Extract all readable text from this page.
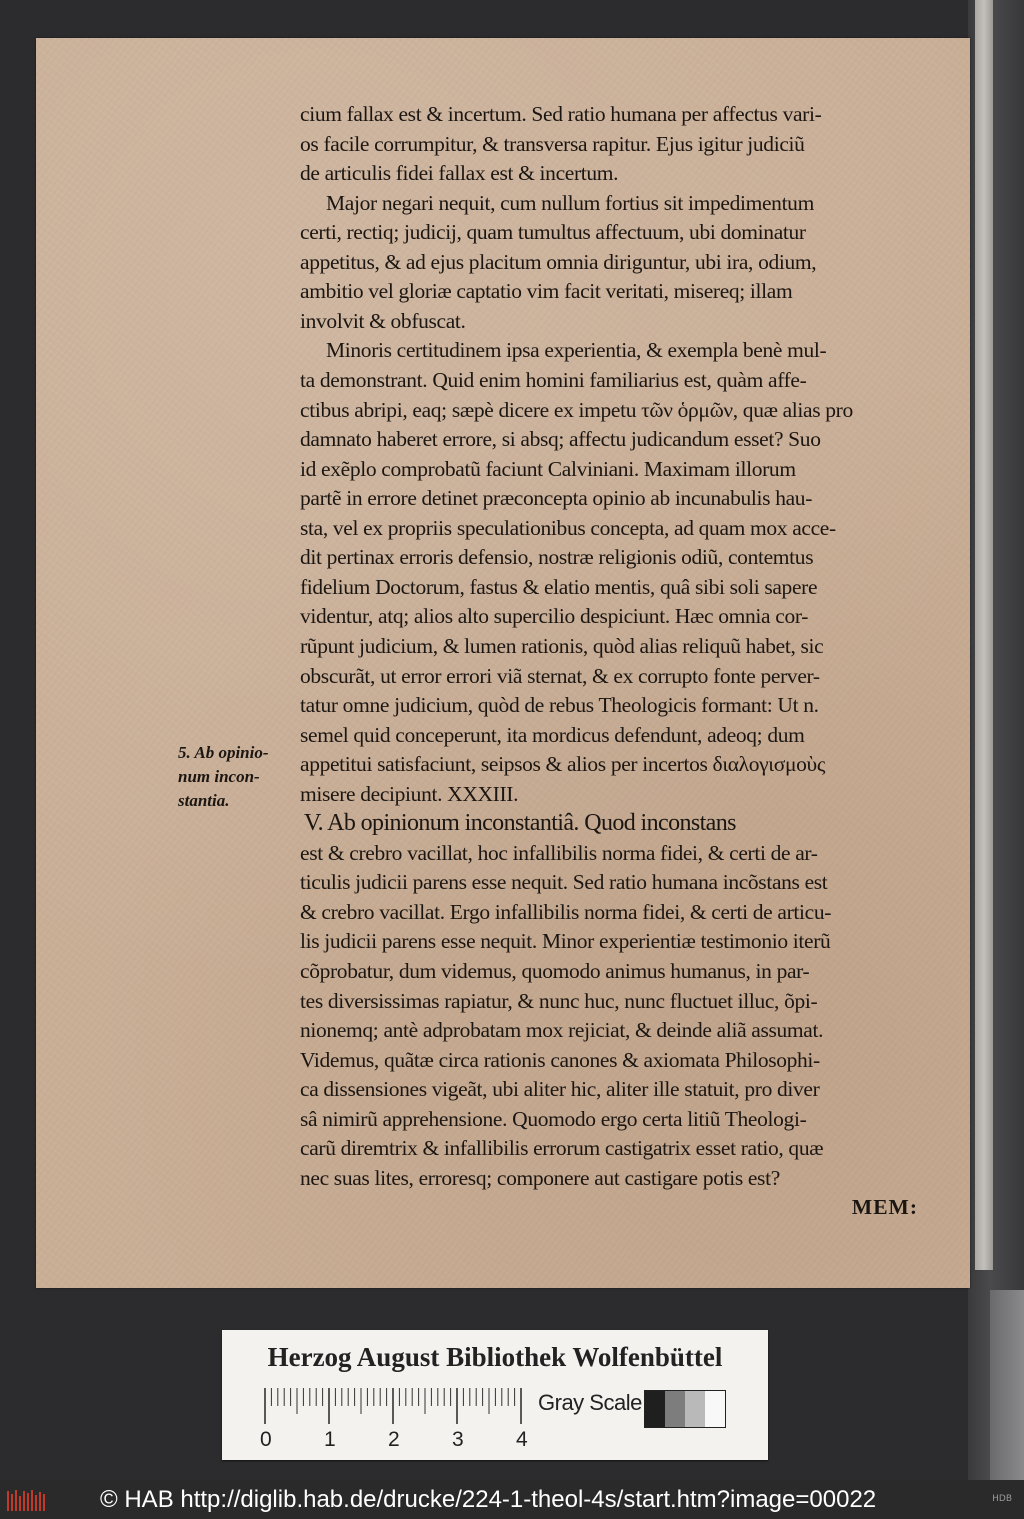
cium fallax est & incertum. Sed ratio humana per affectus vari-
os facile corrumpitur, & transversa rapitur. Ejus igitur judiciũ
de articulis fidei fallax est & incertum.
Major negari nequit, cum nullum fortius sit impedimentum
certi, rectiq; judicij, quam tumultus affectuum, ubi dominatur
appetitus, & ad ejus placitum omnia diriguntur, ubi ira, odium,
ambitio vel gloriæ captatio vim facit veritati, misereq; illam
involvit & obfuscat.
Minoris certitudinem ipsa experientia, & exempla benè mul-
ta demonstrant. Quid enim homini familiarius est, quàm affe-
ctibus abripi, eaq; sæpè dicere ex impetu τῶν ὁρμῶν, quæ alias pro
damnato haberet errore, si absq; affectu judicandum esset? Suo
id exẽplo comprobatũ faciunt Calviniani. Maximam illorum
partẽ in errore detinet præconcepta opinio ab incunabulis hau-
sta, vel ex propriis speculationibus concepta, ad quam mox acce-
dit pertinax erroris defensio, nostræ religionis odiũ, contemtus
fidelium Doctorum, fastus & elatio mentis, quâ sibi soli sapere
videntur, atq; alios alto supercilio despiciunt. Hæc omnia cor-
rũpunt judicium, & lumen rationis, quòd alias reliquũ habet, sic
obscurãt, ut error errori viã sternat, & ex corrupto fonte perver-
tatur omne judicium, quòd de rebus Theologicis formant: Ut n.
semel quid conceperunt, ita mordicus defendunt, adeoq; dum
appetitui satisfaciunt, seipsos & alios per incertos διαλογισμοὺς
misere decipiunt. XXXIII.
V. Ab opinionum inconstantiâ. Quod inconstans
est & crebro vacillat, hoc infallibilis norma fidei, & certi de ar-
ticulis judicii parens esse nequit. Sed ratio humana incõstans est
& crebro vacillat. Ergo infallibilis norma fidei, & certi de articu-
lis judicii parens esse nequit. Minor experientiæ testimonio iterũ
cõprobatur, dum videmus, quomodo animus humanus, in par-
tes diversissimas rapiatur, & nunc huc, nunc fluctuet illuc, õpi-
nionemq; antè adprobatam mox rejiciat, & deinde aliã assumat.
Videmus, quãtæ circa rationis canones & axiomata Philosophi-
ca dissensiones vigeãt, ubi aliter hic, aliter ille statuit, pro diver
sâ nimirũ apprehensione. Quomodo ergo certa litiũ Theologi-
carũ diremtrix & infallibilis errorum castigatrix esset ratio, quæ
nec suas lites, erroresq; componere aut castigare potis est?
MEM:
5. Ab opinio-
num incon-
stantia.
Herzog August Bibliothek Wolfenbüttel
0 1 2 3 4
Gray Scale
© HAB http://diglib.hab.de/drucke/224-1-theol-4s/start.htm?image=00022	HDB
